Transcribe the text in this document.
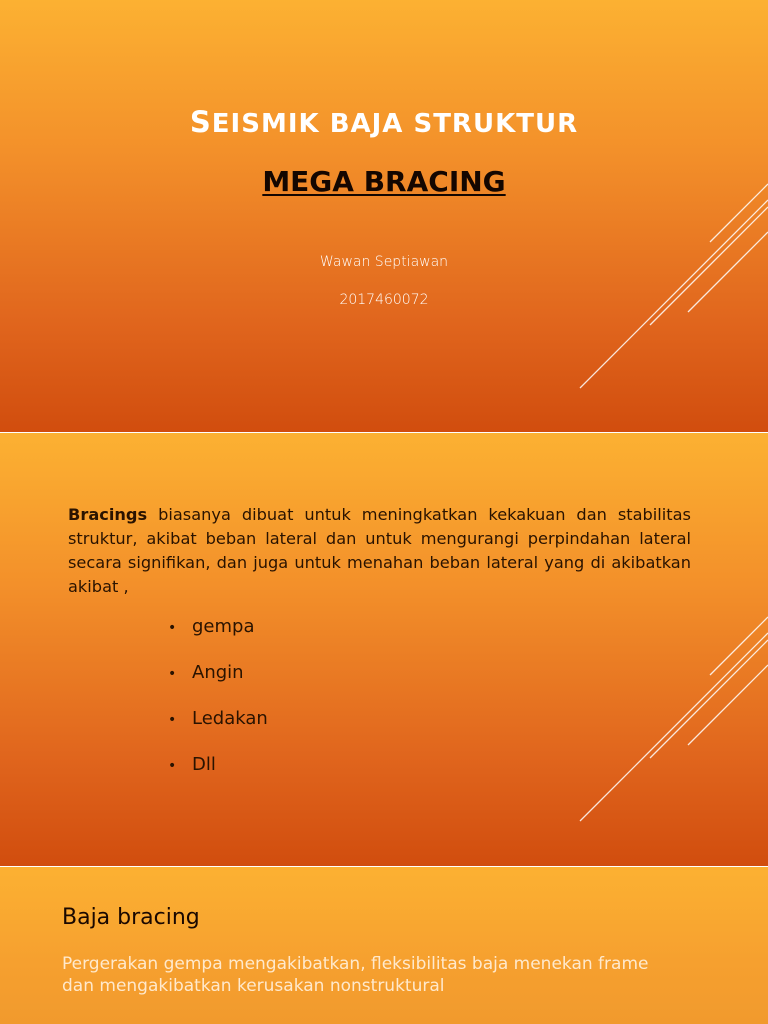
SEISMIK BAJA STRUKTUR
MEGA BRACING

Wawan Septiawan

2017460072

Bracings biasanya dibuat untuk meningkatkan kekakuan dan stabilitas struktur, akibat beban lateral dan untuk mengurangi perpindahan lateral secara signifikan, dan juga untuk menahan beban lateral yang di akibatkan akibat ,

• gempa
• Angin
• Ledakan
• Dll
Baja bracing

Pergerakan gempa mengakibatkan, fleksibilitas baja menekan frame dan mengakibatkan kerusakan nonstruktural
